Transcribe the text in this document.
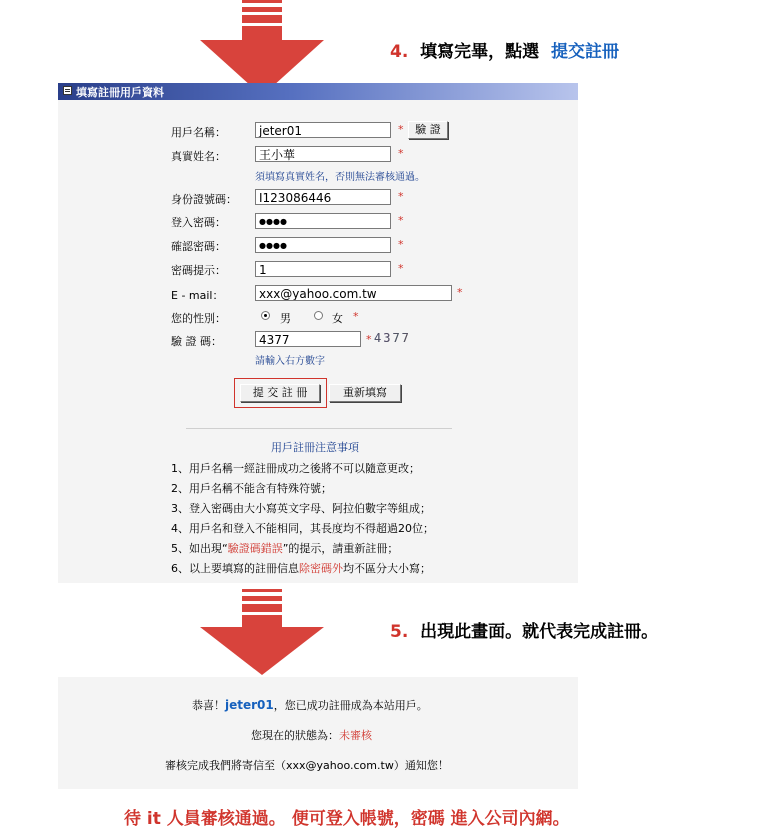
4. 填寫完畢，點選 提交註冊
填寫註冊用戶資料
用戶名稱：	jeter01	*	驗 證
真實姓名：	王小華	*
須填寫真實姓名，否則無法審核通過。
身份證號碼：	I123086446	*
登入密碼：	●●●●	*
確認密碼：	●●●●	*
密碼提示：	1	*
E - mail：	xxx@yahoo.com.tw	*
您的性別：	男	女 *
驗 證 碼：	4377	* 4377
請輸入右方數字
提 交 註 冊	重新填寫
用戶註冊注意事項
1、用戶名稱一經註冊成功之後將不可以隨意更改；
2、用戶名稱不能含有特殊符號；
3、登入密碼由大小寫英文字母、阿拉伯數字等組成；
4、用戶名和登入不能相同，其長度均不得超過20位；
5、如出現“驗證碼錯誤”的提示，請重新註冊；
6、以上要填寫的註冊信息除密碼外均不區分大小寫；
5. 出現此畫面。就代表完成註冊。
恭喜！jeter01，您已成功註冊成為本站用戶。
您現在的狀態為：未審核
審核完成我們將寄信至（xxx@yahoo.com.tw）通知您！
待 it 人員審核通過。 便可登入帳號，密碼 進入公司內網。
